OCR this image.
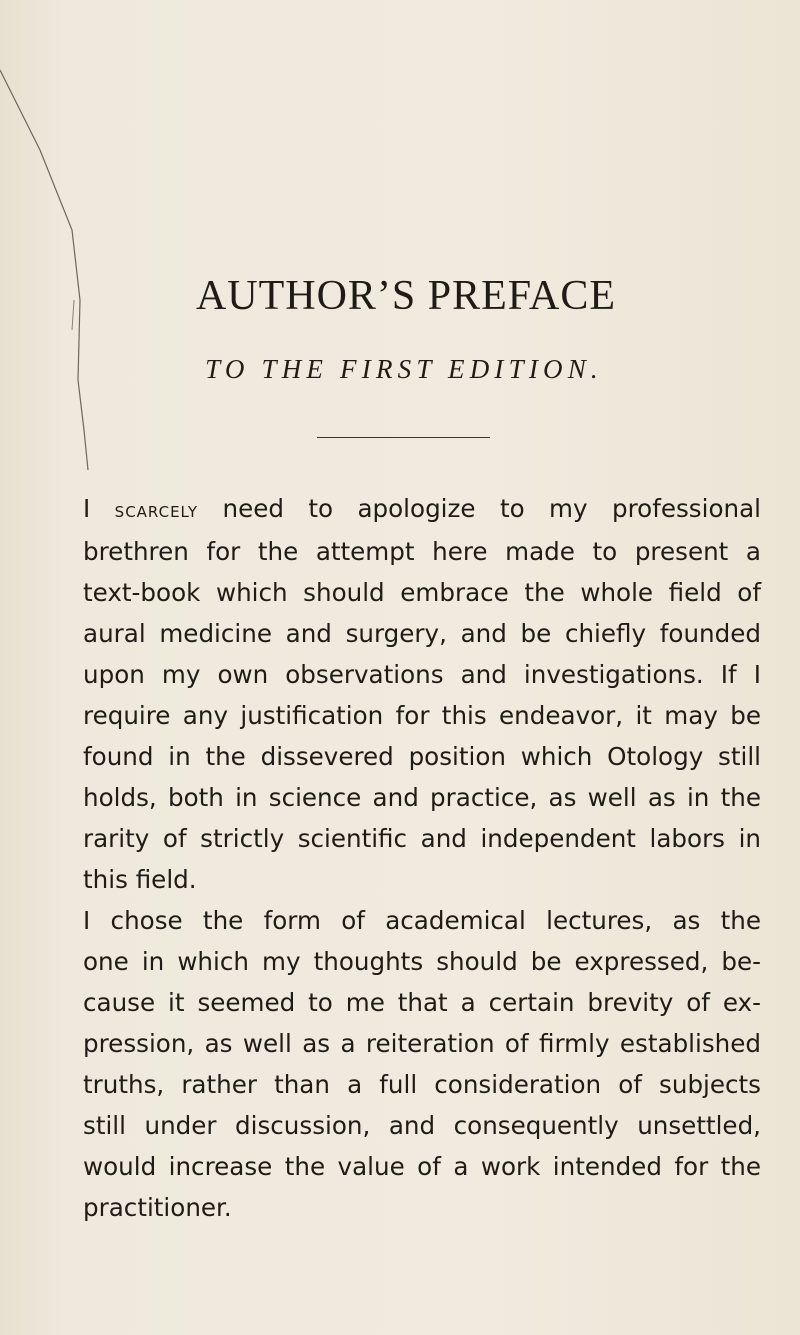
AUTHOR’S PREFACE
TO THE FIRST EDITION.

I scarcely need to apologize to my professional
brethren for the attempt here made to present a
text-book which should embrace the whole field of
aural medicine and surgery, and be chiefly founded
upon my own observations and investigations. If I
require any justification for this endeavor, it may be
found in the dissevered position which Otology still
holds, both in science and practice, as well as in the
rarity of strictly scientific and independent labors in
this field.

I chose the form of academical lectures, as the
one in which my thoughts should be expressed, be-
cause it seemed to me that a certain brevity of ex-
pression, as well as a reiteration of firmly established
truths, rather than a full consideration of subjects
still under discussion, and consequently unsettled,
would increase the value of a work intended for the
practitioner.
